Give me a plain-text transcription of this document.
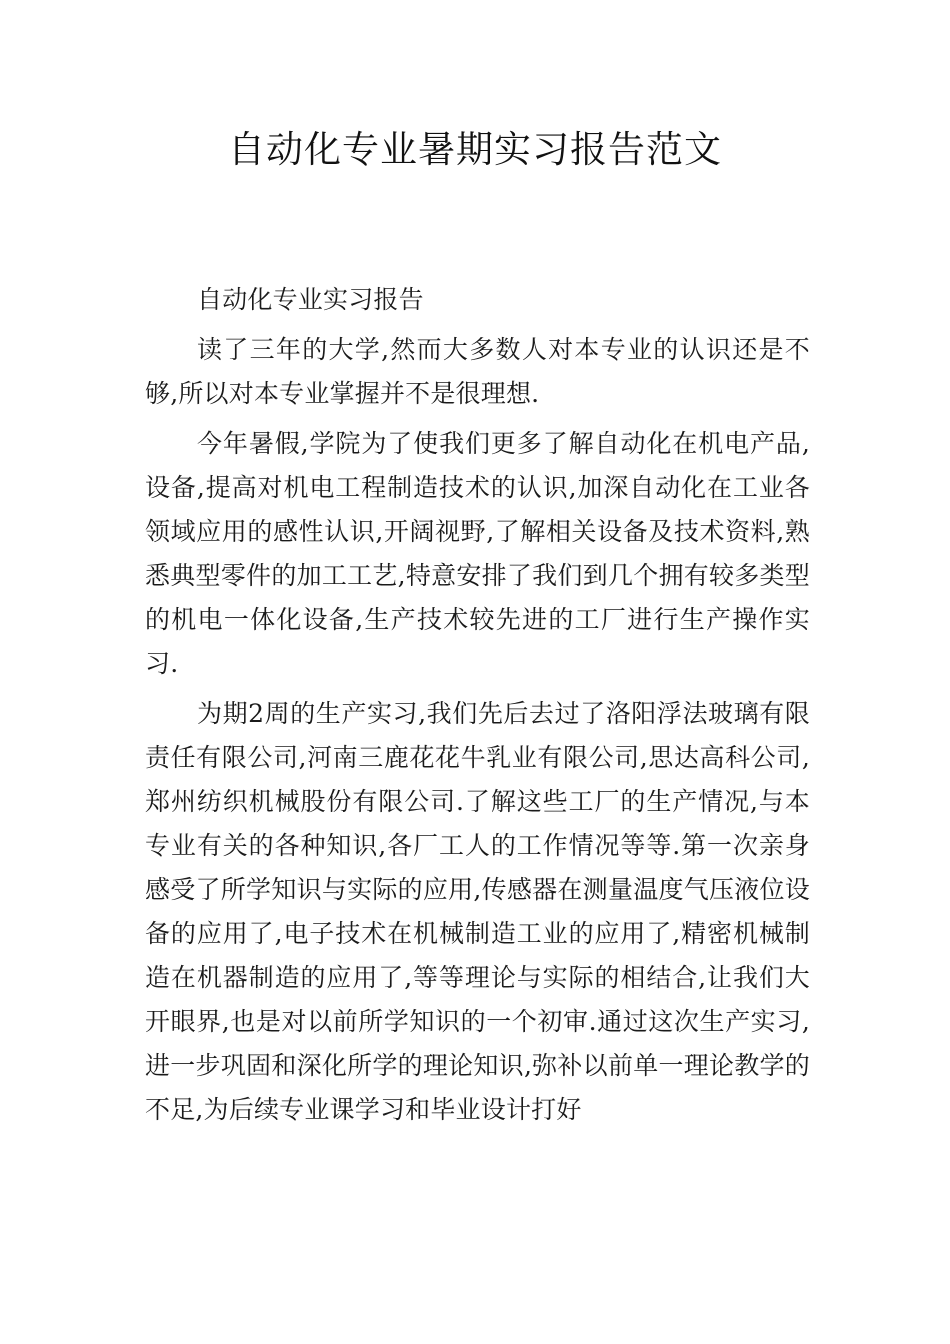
自动化专业暑期实习报告范文

自动化专业实习报告

读了三年的大学,然而大多数人对本专业的认识还是不够,所以对本专业掌握并不是很理想.

今年暑假,学院为了使我们更多了解自动化在机电产品,设备,提高对机电工程制造技术的认识,加深自动化在工业各领域应用的感性认识,开阔视野,了解相关设备及技术资料,熟悉典型零件的加工工艺,特意安排了我们到几个拥有较多类型的机电一体化设备,生产技术较先进的工厂进行生产操作实习.

为期2周的生产实习,我们先后去过了洛阳浮法玻璃有限责任有限公司,河南三鹿花花牛乳业有限公司,思达高科公司,郑州纺织机械股份有限公司.了解这些工厂的生产情况,与本专业有关的各种知识,各厂工人的工作情况等等.第一次亲身感受了所学知识与实际的应用,传感器在测量温度气压液位设备的应用了,电子技术在机械制造工业的应用了,精密机械制造在机器制造的应用了,等等理论与实际的相结合,让我们大开眼界,也是对以前所学知识的一个初审.通过这次生产实习,进一步巩固和深化所学的理论知识,弥补以前单一理论教学的不足,为后续专业课学习和毕业设计打好
